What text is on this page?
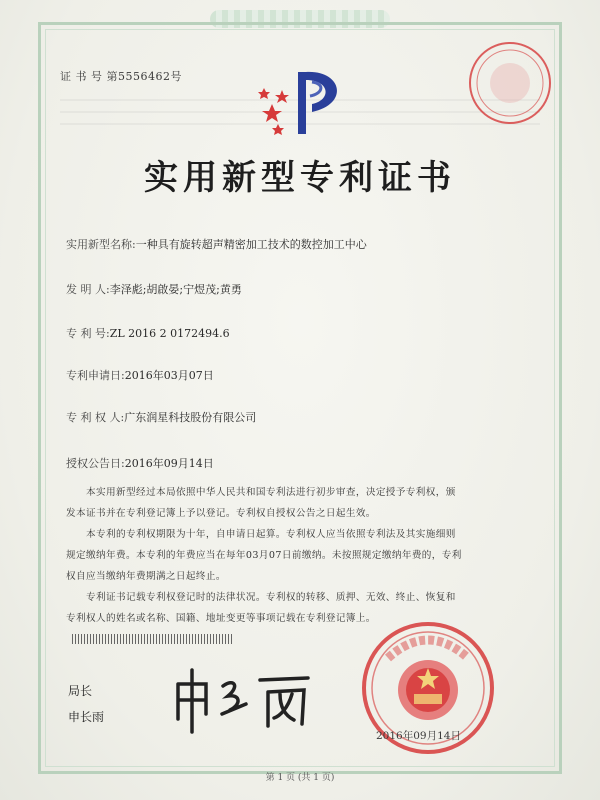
证 书 号 第5556462号
实用新型专利证书
实用新型名称:一种具有旋转超声精密加工技术的数控加工中心
发 明 人:李泽彪;胡啟晏;宁煜茂;黄勇
专 利 号:ZL 2016 2 0172494.6
专利申请日:2016年03月07日
专 利 权 人:广东润星科技股份有限公司
授权公告日:2016年09月14日
本实用新型经过本局依照中华人民共和国专利法进行初步审查，决定授予专利权，颁
发本证书并在专利登记簿上予以登记。专利权自授权公告之日起生效。
本专利的专利权期限为十年，自申请日起算。专利权人应当依照专利法及其实施细则
规定缴纳年费。本专利的年费应当在每年03月07日前缴纳。未按照规定缴纳年费的，专利
权自应当缴纳年费期满之日起终止。
专利证书记载专利权登记时的法律状况。专利权的转移、质押、无效、终止、恢复和
专利权人的姓名或名称、国籍、地址变更等事项记载在专利登记簿上。
局长
申长雨
2016年09月14日
第 1 页 (共 1 页)
